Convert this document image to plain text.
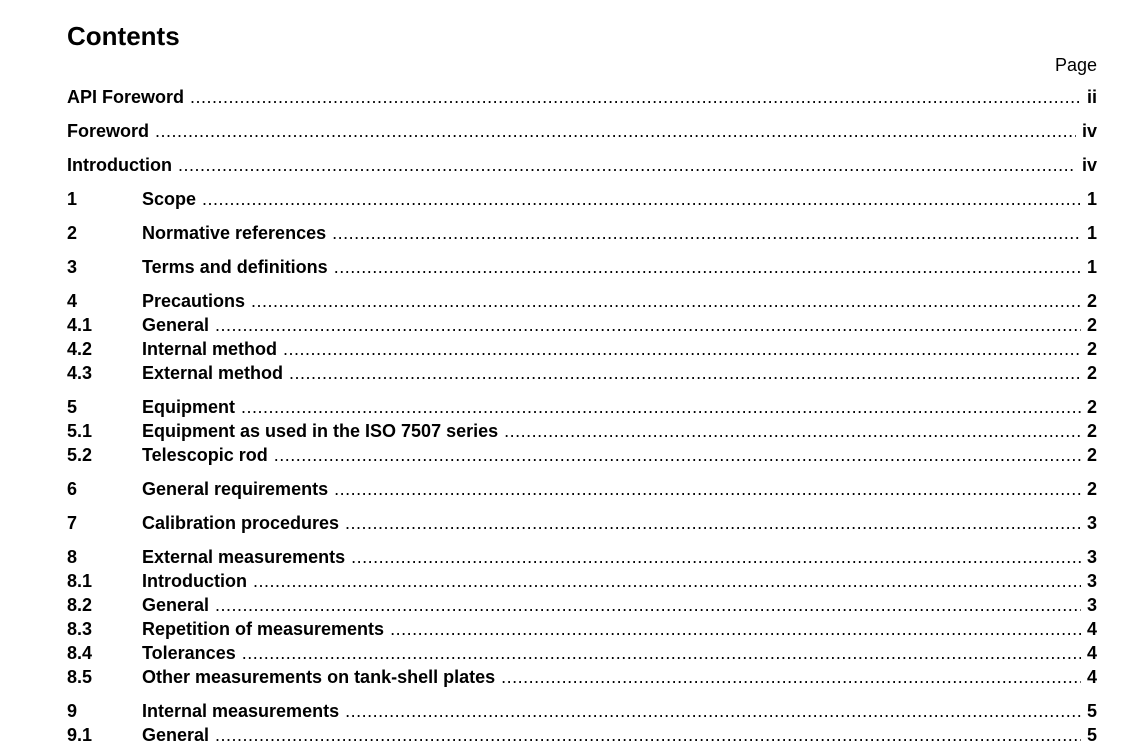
Contents
Page
API Foreword .....	ii
Foreword .....	iv
Introduction .....	iv
1	Scope .....	1
2	Normative references .....	1
3	Terms and definitions .....	1
4	Precautions .....	2
4.1	General .....	2
4.2	Internal method .....	2
4.3	External method .....	2
5	Equipment .....	2
5.1	Equipment as used in the ISO 7507 series .....	2
5.2	Telescopic rod .....	2
6	General requirements .....	2
7	Calibration procedures .....	3
8	External measurements .....	3
8.1	Introduction .....	3
8.2	General .....	3
8.3	Repetition of measurements .....	4
8.4	Tolerances .....	4
8.5	Other measurements on tank-shell plates .....	4
9	Internal measurements .....	5
9.1	General .....	5
